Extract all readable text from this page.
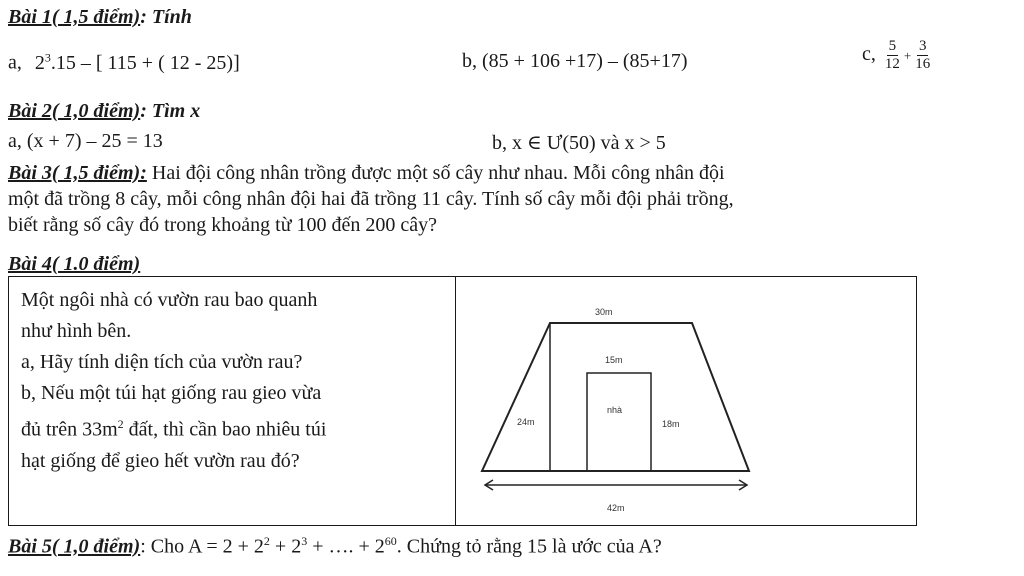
Bài 1( 1,5 điểm): Tính
a, $2^3.15$ – [ 115 + ( 12 - 25)]	b, (85 + 106 +17) – (85+17)	c, $\frac{5}{12} + \frac{3}{16}$
Bài 2( 1,0 điểm): Tìm x
a, (x + 7) – 25 = 13	b, x ∈ Ư(50) và x > 5
Bài 3( 1,5 điểm): Hai đội công nhân trồng được một số cây như nhau. Mỗi công nhân đội
một đã trồng 8 cây, mỗi công nhân đội hai đã trồng 11 cây. Tính số cây mỗi đội phải trồng,
biết rằng số cây đó trong khoảng từ 100 đến 200 cây?
Bài 4( 1.0 điểm)
Một ngôi nhà có vườn rau bao quanh
như hình bên.
a, Hãy tính diện tích của vườn rau?
b, Nếu một túi hạt giống rau gieo vừa
đủ trên $33m^2$ đất, thì cần bao nhiêu túi
hạt giống để gieo hết vườn rau đó?
30m
15m
nhà
24m	18m
42m
Bài 5( 1,0 điểm): Cho $A = 2 + 2^2 + 2^3$ + …. + $2^{60}$. Chứng tỏ rằng 15 là ước của A?
